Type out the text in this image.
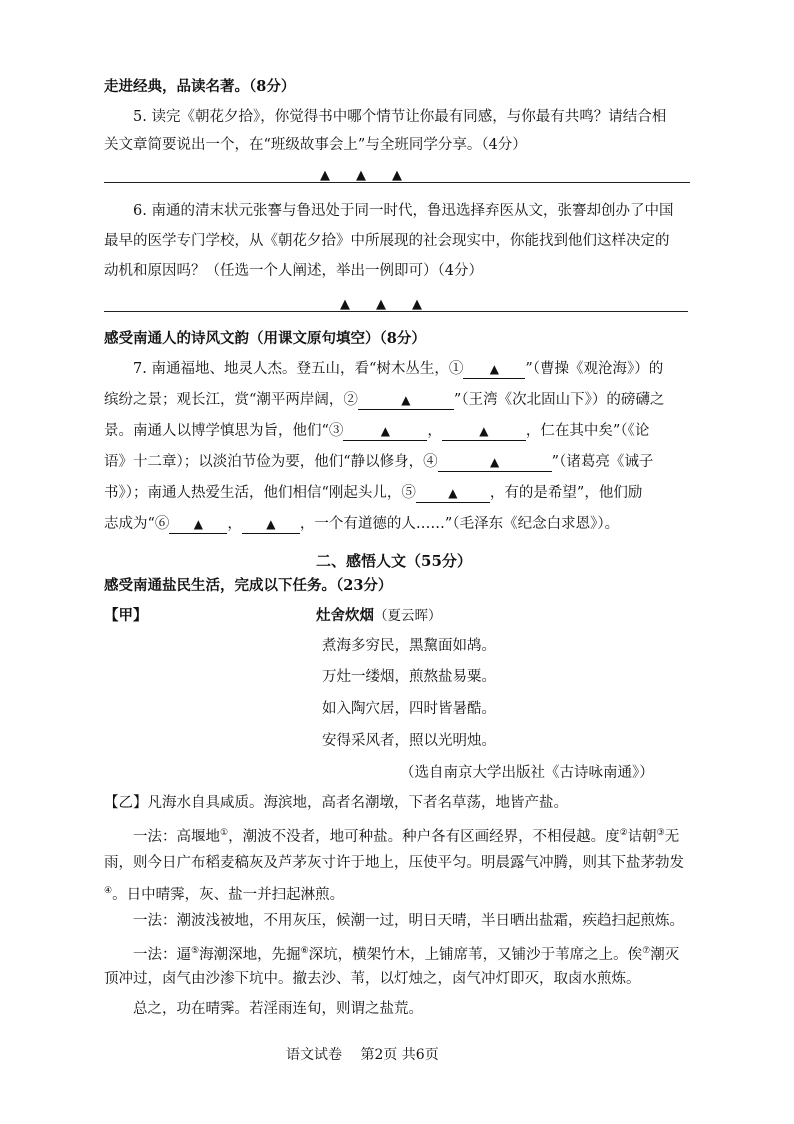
走进经典，品读名著。（8分）
5. 读完《朝花夕拾》，你觉得书中哪个情节让你最有同感，与你最有共鸣？请结合相
关文章简要说出一个，在“班级故事会上”与全班同学分享。（4分）
▲ ▲ ▲
6. 南通的清末状元张謇与鲁迅处于同一时代，鲁迅选择弃医从文，张謇却创办了中国
最早的医学专门学校，从《朝花夕拾》中所展现的社会现实中，你能找到他们这样决定的
动机和原因吗？（任选一个人阐述，举出一例即可）（4分）
▲ ▲ ▲
感受南通人的诗风文韵（用课文原句填空）（8分）
7. 南通福地、地灵人杰。登五山，看“树木丛生，① ▲ ”（曹操《观沧海》）的
缤纷之景；观长江，赏“潮平两岸阔，②	▲	”（王湾《次北固山下》）的磅礴之
景。南通人以博学慎思为旨，他们“③	▲	，	▲	，仁在其中矣”（《论
语》十二章）；以淡泊节俭为要，他们“静以修身，④	▲	”（诸葛亮《诫子
书》）；南通人热爱生活，他们相信“刚起头儿，⑤	▲ ，有的是希望”，他们励
志成为“⑥ ▲ ， ▲ ，一个有道德的人……”（毛泽东《纪念白求恩》）。
二、感悟人文（55分）
感受南通盐民生活，完成以下任务。（23分）
【甲】	灶舍炊烟（夏云晖）
煮海多穷民，黑黧面如鸪。
万灶一缕烟，煎熬盐易粟。
如入陶穴居，四时皆暑酷。
安得采风者，照以光明烛。
（选自南京大学出版社《古诗咏南通》）
【乙】凡海水自具咸质。海滨地，高者名潮墩，下者名草荡，地皆产盐。
一法：高堰地①，潮波不没者，地可种盐。种户各有区画经界，不相侵越。度②诘朝③无
雨，则今日广布稻麦稿灰及芦茅灰寸许于地上，压使平匀。明晨露气冲腾，则其下盐茅勃发
④。日中晴霁，灰、盐一并扫起淋煎。
一法：潮波浅被地，不用灰压，候潮一过，明日天晴，半日晒出盐霜，疾趋扫起煎炼。
一法：逼⑤海潮深地，先掘⑥深坑，横架竹木，上铺席苇，又铺沙于苇席之上。俟⑦潮灭
顶冲过，卤气由沙渗下坑中。撤去沙、苇，以灯烛之，卤气冲灯即灭，取卤水煎炼。
总之，功在晴霁。若淫雨连旬，则谓之盐荒。
语文试卷　 第2页 共6页
